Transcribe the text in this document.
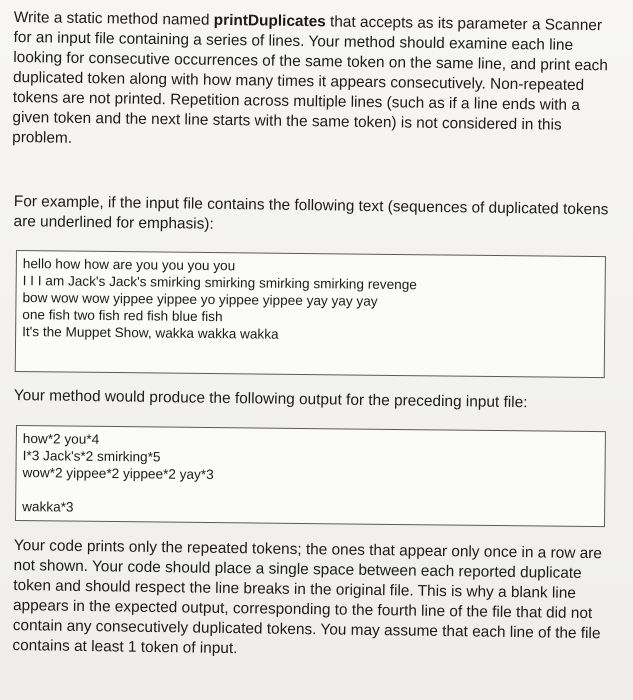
Write a static method named printDuplicates that accepts as its parameter a Scanner for an input file containing a series of lines. Your method should examine each line looking for consecutive occurrences of the same token on the same line, and print each duplicated token along with how many times it appears consecutively. Non-repeated tokens are not printed. Repetition across multiple lines (such as if a line ends with a given token and the next line starts with the same token) is not considered in this problem.

For example, if the input file contains the following text (sequences of duplicated tokens are underlined for emphasis):

hello how how are you you you you

I I I am Jack's Jack's smirking smirking smirking smirking revenge

bow wow wow yippee yippee yo yippee yippee yay yay yay

one fish two fish red fish blue fish

It's the Muppet Show, wakka wakka wakka

Your method would produce the following output for the preceding input file:

how*2 you*4

I*3 Jack's*2 smirking*5

wow*2 yippee*2 yippee*2 yay*3

wakka*3

Your code prints only the repeated tokens; the ones that appear only once in a row are not shown. Your code should place a single space between each reported duplicate token and should respect the line breaks in the original file. This is why a blank line appears in the expected output, corresponding to the fourth line of the file that did not contain any consecutively duplicated tokens. You may assume that each line of the file contains at least 1 token of input.
